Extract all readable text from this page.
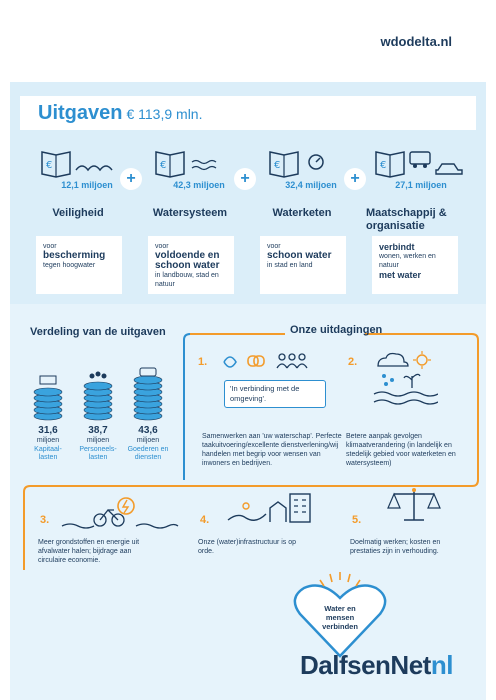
wdodelta.nl
Uitgaven € 113,9 mln.
€	€	€	€
12,1 miljoen	42,3 miljoen	32,4 miljoen	27,1 miljoen
+	+	+
Veiligheid	Watersysteem	Waterketen	Maatschappij & organisatie
voor
bescherming
tegen hoogwater
voor
voldoende en schoon water
in landbouw, stad en natuur
voor
schoon water
in stad en land
verbindt
wonen, werken en natuur
met water
Verdeling van de uitgaven
31,6
miljoen
Kapitaal-lasten
38,7
miljoen
Personeels-lasten
43,6
miljoen
Goederen en diensten
Onze uitdagingen
1.
'In verbinding met de omgeving'.
Samenwerken aan 'uw waterschap'. Perfecte taakuitvoering/excellente dienstverlening/wij handelen met begrip voor wensen van inwoners en bedrijven.
2.
Betere aanpak gevolgen klimaatverandering (in landelijk en stedelijk gebied voor waterketen en watersysteem)
3.
Meer grondstoffen en energie uit afvalwater halen; bijdrage aan circulaire economie.
4.
Onze (water)infrastructuur is op orde.
5.
Doelmatig werken; kosten en prestaties zijn in verhouding.
Water en
mensen
verbinden
DalfsenNetnl
